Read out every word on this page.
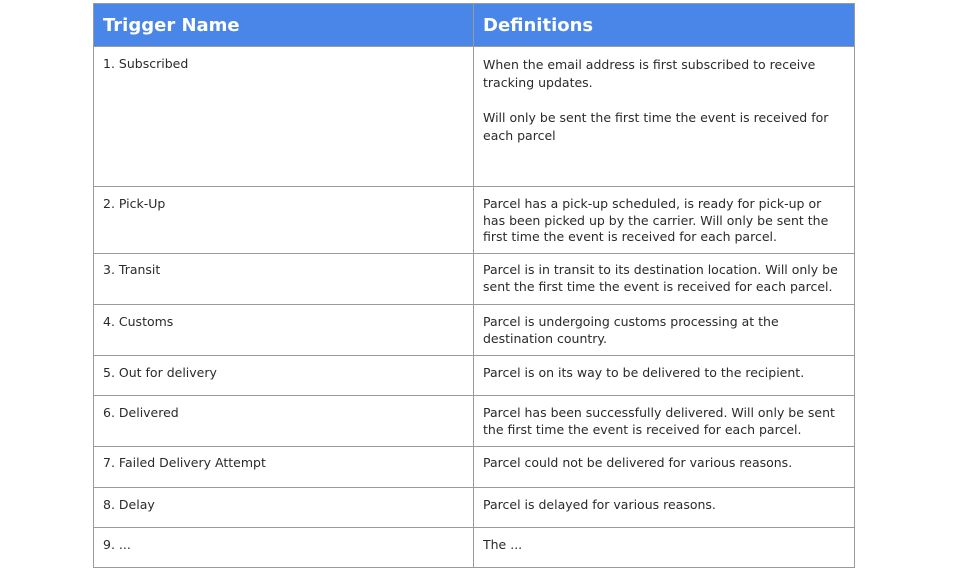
Trigger Name	Definitions
1. Subscribed	When the email address is first subscribed to receive tracking updates.

Will only be sent the first time the event is received for each parcel

2. Pick-Up	Parcel has a pick-up scheduled, is ready for pick-up or has been picked up by the carrier. Will only be sent the first time the event is received for each parcel.
3. Transit	Parcel is in transit to its destination location. Will only be sent the first time the event is received for each parcel.
4. Customs	Parcel is undergoing customs processing at the destination country.
5. Out for delivery	Parcel is on its way to be delivered to the recipient.
6. Delivered	Parcel has been successfully delivered. Will only be sent the first time the event is received for each parcel.
7. Failed Delivery Attempt	Parcel could not be delivered for various reasons.
8. Delay	Parcel is delayed for various reasons.
9. ...	The ...
